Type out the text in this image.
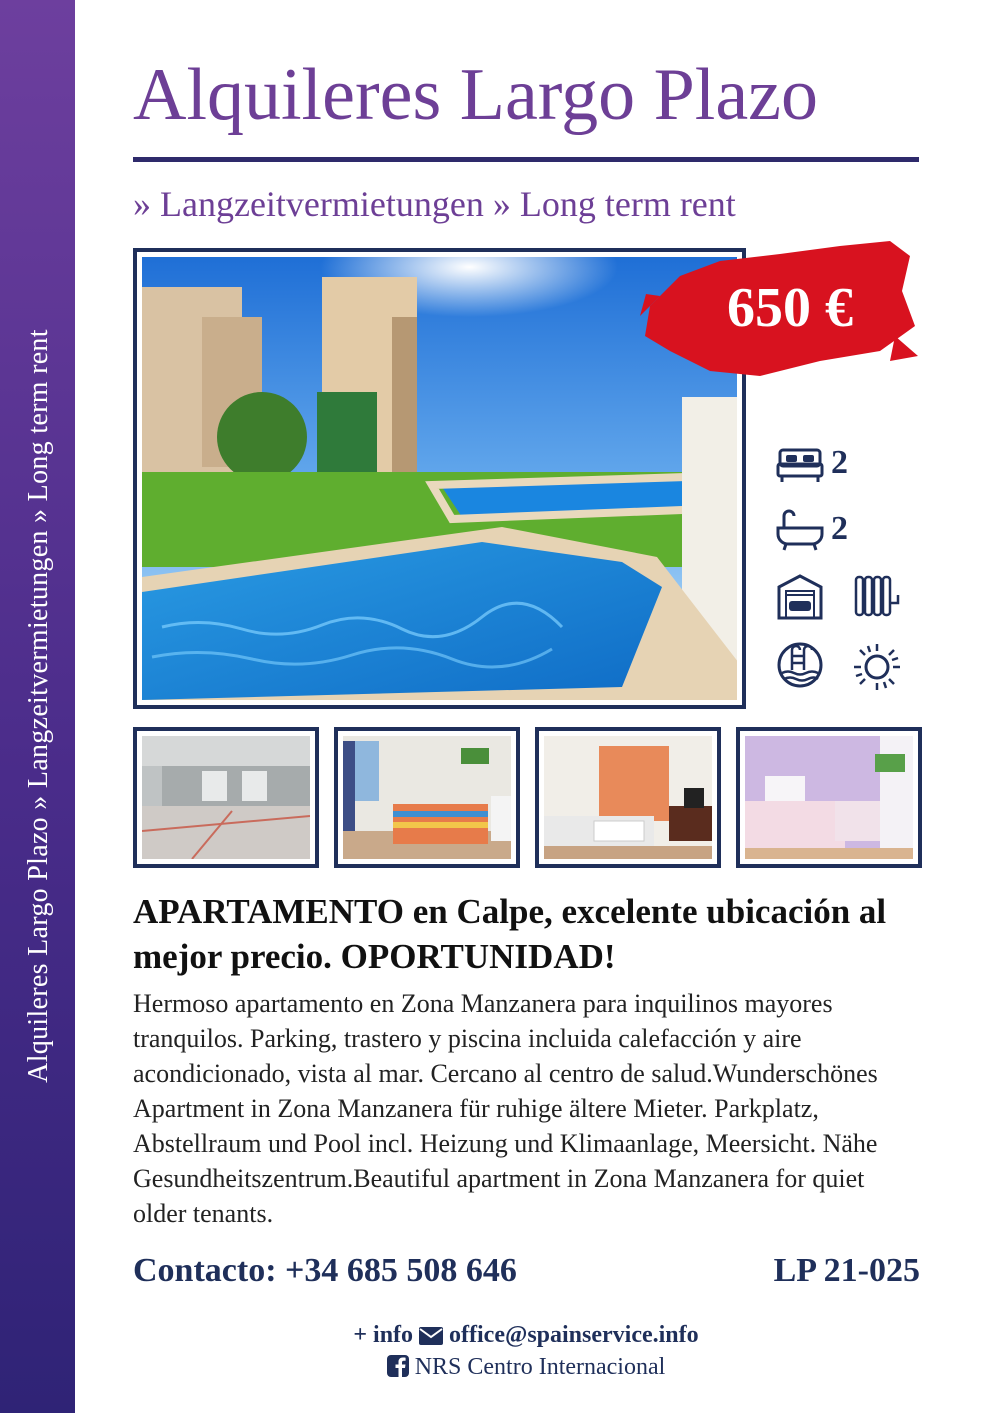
Alquileres Largo Plazo » Langzeitvermietungen » Long term rent
Alquileres Largo Plazo
» Langzeitvermietungen » Long term rent
650 €
2
2
APARTAMENTO en Calpe, excelente ubicación al mejor precio. OPORTUNIDAD!

Hermoso apartamento en Zona Manzanera para inquilinos mayores tranquilos. Parking, trastero y piscina incluida calefacción y aire acondicionado, vista al mar. Cercano al centro de salud.Wunderschönes Apartment in Zona Manzanera für ruhige ältere Mieter. Parkplatz, Abstellraum und Pool incl. Heizung und Klimaanlage, Meersicht. Nähe Gesundheitszentrum.Beautiful apartment in Zona Manzanera for quiet older tenants.

Contacto: +34 685 508 646	LP 21-025
+ info office@spainservice.info
NRS Centro Internacional
